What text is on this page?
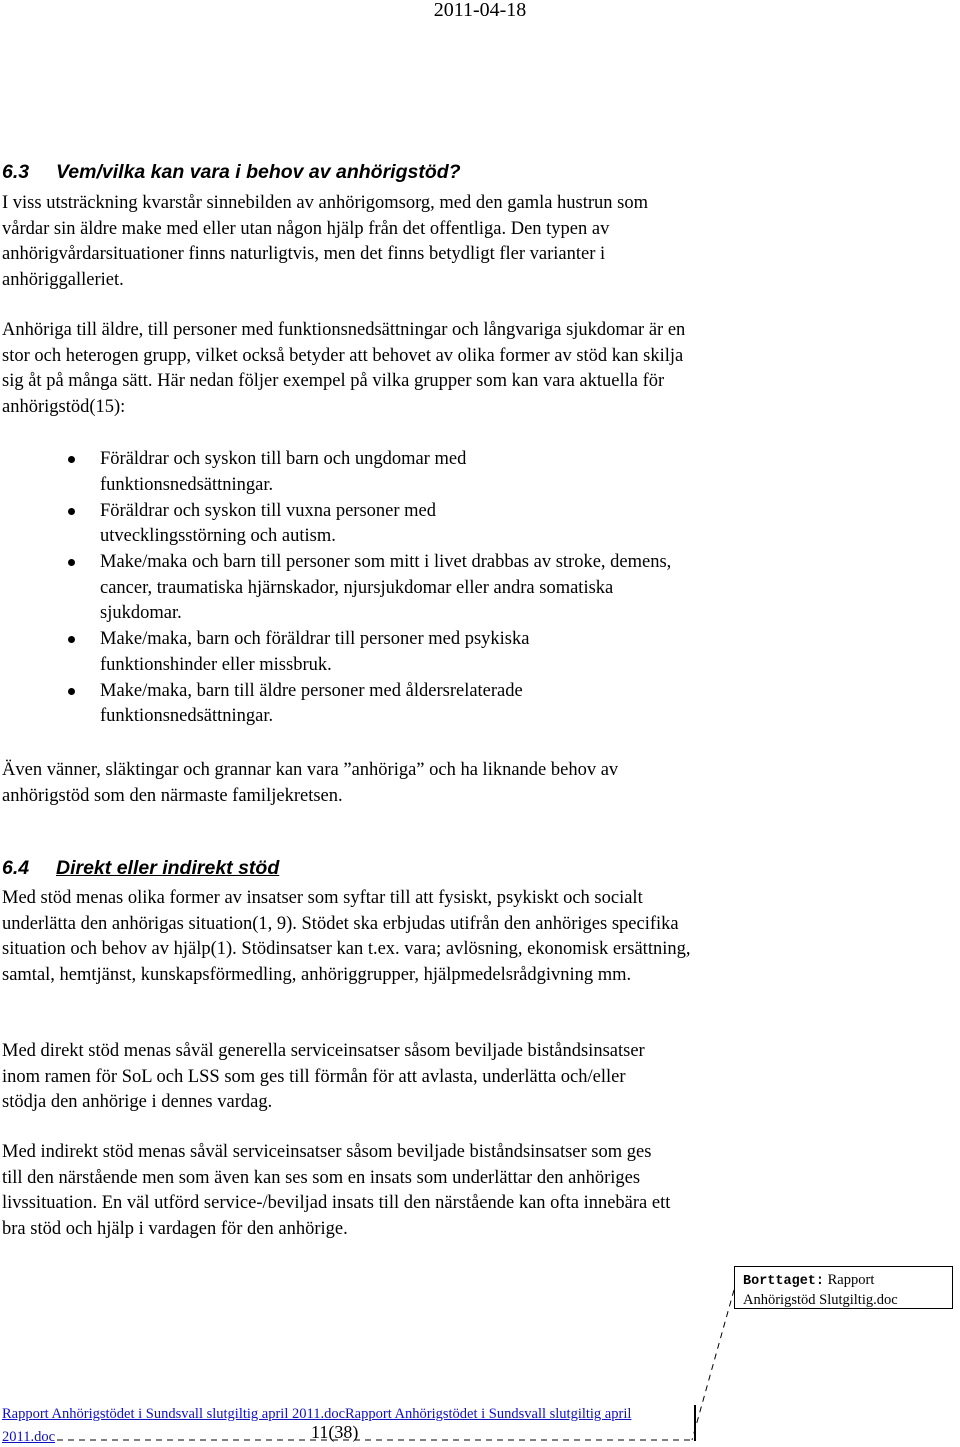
2011-04-18
6.3 Vem/vilka kan vara i behov av anhörigstöd?

I viss utsträckning kvarstår sinnebilden av anhörigomsorg, med den gamla hustrun som vårdar sin äldre make med eller utan någon hjälp från det offentliga. Den typen av anhörigvårdarsituationer finns naturligtvis, men det finns betydligt fler varianter i anhöriggalleriet.

Anhöriga till äldre, till personer med funktionsnedsättningar och långvariga sjukdomar är en stor och heterogen grupp, vilket också betyder att behovet av olika former av stöd kan skilja sig åt på många sätt. Här nedan följer exempel på vilka grupper som kan vara aktuella för anhörigstöd(15):

Föräldrar och syskon till barn och ungdomar med funktionsnedsättningar.
Föräldrar och syskon till vuxna personer med utvecklingsstörning och autism.
Make/maka och barn till personer som mitt i livet drabbas av stroke, demens, cancer, traumatiska hjärnskador, njursjukdomar eller andra somatiska sjukdomar.
Make/maka, barn och föräldrar till personer med psykiska funktionshinder eller missbruk.
Make/maka, barn till äldre personer med åldersrelaterade funktionsnedsättningar.

Även vänner, släktingar och grannar kan vara ”anhöriga” och ha liknande behov av anhörigstöd som den närmaste familjekretsen.

6.4 Direkt eller indirekt stöd

Med stöd menas olika former av insatser som syftar till att fysiskt, psykiskt och socialt underlätta den anhörigas situation(1, 9). Stödet ska erbjudas utifrån den anhöriges specifika situation och behov av hjälp(1). Stödinsatser kan t.ex. vara; avlösning, ekonomisk ersättning, samtal, hemtjänst, kunskapsförmedling, anhöriggrupper, hjälpmedelsrådgivning mm.

Med direkt stöd menas såväl generella serviceinsatser såsom beviljade biståndsinsatser inom ramen för SoL och LSS som ges till förmån för att avlasta, underlätta och/eller stödja den anhörige i dennes vardag.

Med indirekt stöd menas såväl serviceinsatser såsom beviljade biståndsinsatser som ges till den närstående men som även kan ses som en insats som underlättar den anhöriges livssituation. En väl utförd service-/beviljad insats till den närstående kan ofta innebära ett bra stöd och hjälp i vardagen för den anhörige.

Borttaget: Rapport
Anhörigstöd Slutgiltig.doc
Rapport Anhörigstödet i Sundsvall slutgiltig april 2011.docRapport Anhörigstödet i Sundsvall slutgiltig april
2011.doc	11(38)
